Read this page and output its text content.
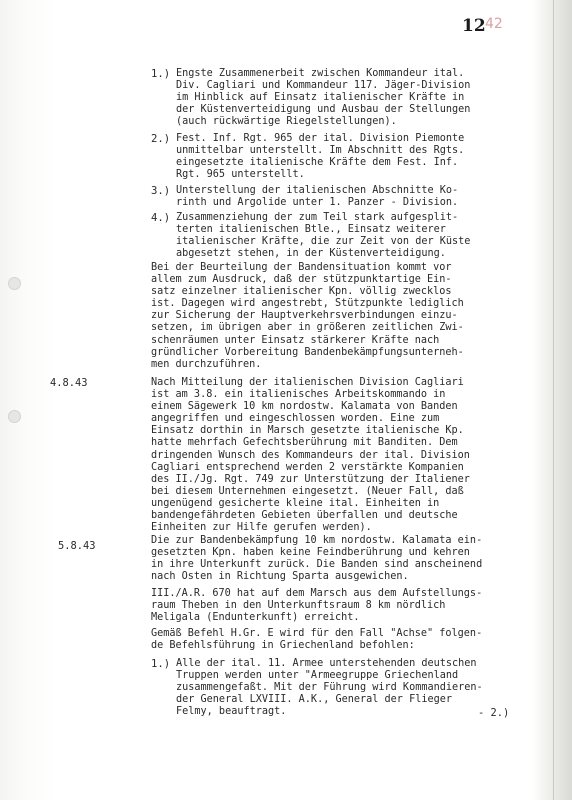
12 42
1.) Engste Zusammenerbeit zwischen Kommandeur ital.
Div. Cagliari und Kommandeur 117. Jäger-Division
im Hinblick auf Einsatz italienischer Kräfte in
der Küstenverteidigung und Ausbau der Stellungen
(auch rückwärtige Riegelstellungen).
2.) Fest. Inf. Rgt. 965 der ital. Division Piemonte
unmittelbar unterstellt. Im Abschnitt des Rgts.
eingesetzte italienische Kräfte dem Fest. Inf.
Rgt. 965 unterstellt.
3.) Unterstellung der italienischen Abschnitte Ko-
rinth und Argolide unter 1. Panzer - Division.
4.) Zusammenziehung der zum Teil stark aufgesplit-
terten italienischen Btle., Einsatz weiterer
italienischer Kräfte, die zur Zeit von der Küste
abgesetzt stehen, in der Küstenverteidigung.
Bei der Beurteilung der Bandensituation kommt vor
allem zum Ausdruck, daß der stützpunktartige Ein-
satz einzelner italienischer Kpn. völlig zwecklos
ist. Dagegen wird angestrebt, Stützpunkte lediglich
zur Sicherung der Hauptverkehrsverbindungen einzu-
setzen, im übrigen aber in größeren zeitlichen Zwi-
schenräumen unter Einsatz stärkerer Kräfte nach
gründlicher Vorbereitung Bandenbekämpfungsunterneh-
men durchzuführen.
4.8.43	Nach Mitteilung der italienischen Division Cagliari
ist am 3.8. ein italienisches Arbeitskommando in
einem Sägewerk 10 km nordostw. Kalamata von Banden
angegriffen und eingeschlossen worden. Eine zum
Einsatz dorthin in Marsch gesetzte italienische Kp.
hatte mehrfach Gefechtsberührung mit Banditen. Dem
dringenden Wunsch des Kommandeurs der ital. Division
Cagliari entsprechend werden 2 verstärkte Kompanien
des II./Jg. Rgt. 749 zur Unterstützung der Italiener
bei diesem Unternehmen eingesetzt. (Neuer Fall, daß
ungenügend gesicherte kleine ital. Einheiten in
bandengefährdeten Gebieten überfallen und deutsche
Einheiten zur Hilfe gerufen werden).
5.8.43	Die zur Bandenbekämpfung 10 km nordostw. Kalamata ein-
gesetzten Kpn. haben keine Feindberührung und kehren
in ihre Unterkunft zurück. Die Banden sind anscheinend
nach Osten in Richtung Sparta ausgewichen.
III./A.R. 670 hat auf dem Marsch aus dem Aufstellungs-
raum Theben in den Unterkunftsraum 8 km nördlich
Meligala (Endunterkunft) erreicht.
Gemäß Befehl H.Gr. E wird für den Fall "Achse" folgen-
de Befehlsführung in Griechenland befohlen:
1.) Alle der ital. 11. Armee unterstehenden deutschen
Truppen werden unter "Armeegruppe Griechenland
zusammengefaßt. Mit der Führung wird Kommandieren-
der General LXVIII. A.K., General der Flieger
Felmy, beauftragt.	- 2.)
